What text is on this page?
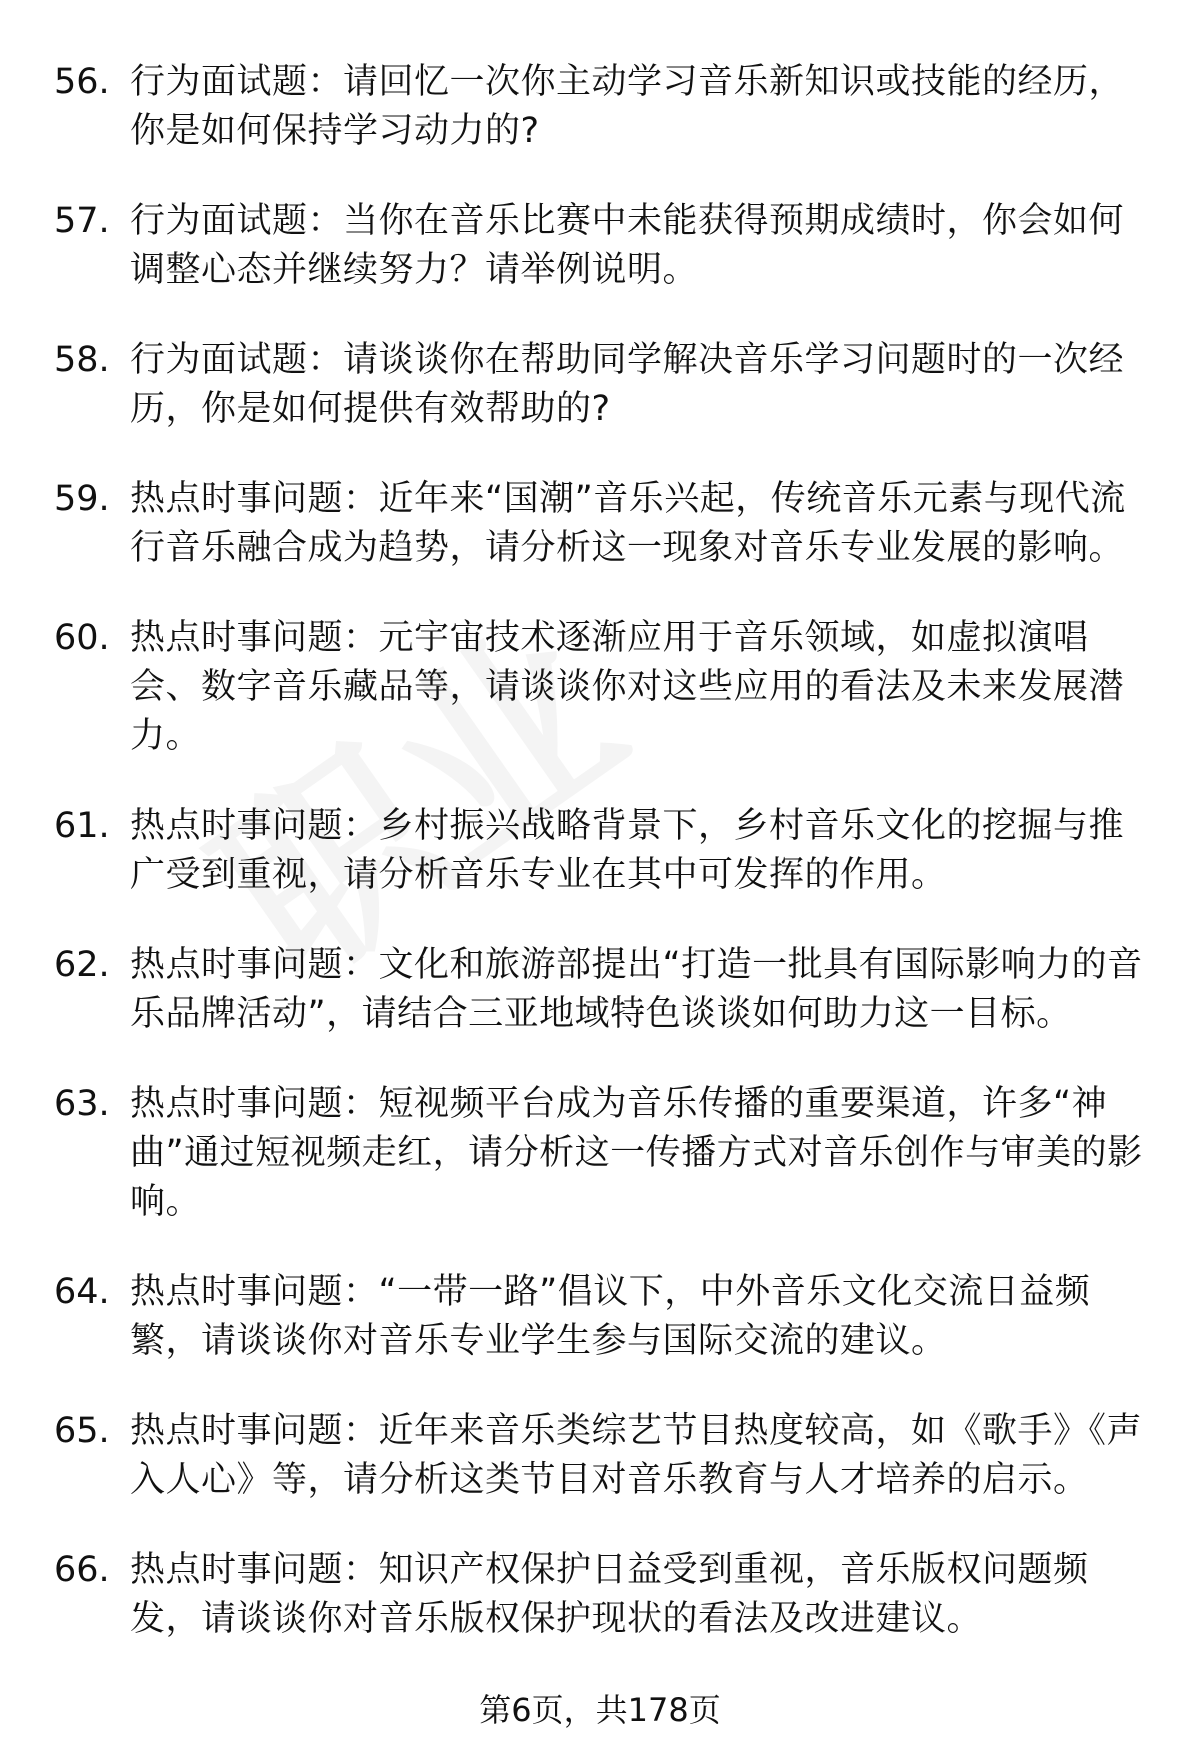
56. 行为面试题：请回忆一次你主动学习音乐新知识或技能的经历，你是如何保持学习动力的?
57. 行为面试题：当你在音乐比赛中未能获得预期成绩时，你会如何调整心态并继续努力？请举例说明。
58. 行为面试题：请谈谈你在帮助同学解决音乐学习问题时的一次经历，你是如何提供有效帮助的?
59. 热点时事问题：近年来“国潮”音乐兴起，传统音乐元素与现代流行音乐融合成为趋势，请分析这一现象对音乐专业发展的影响。
60. 热点时事问题：元宇宙技术逐渐应用于音乐领域，如虚拟演唱会、数字音乐藏品等，请谈谈你对这些应用的看法及未来发展潜力。
61. 热点时事问题：乡村振兴战略背景下，乡村音乐文化的挖掘与推广受到重视，请分析音乐专业在其中可发挥的作用。
62. 热点时事问题：文化和旅游部提出“打造一批具有国际影响力的音乐品牌活动”，请结合三亚地域特色谈谈如何助力这一目标。
63. 热点时事问题：短视频平台成为音乐传播的重要渠道，许多“神曲”通过短视频走红，请分析这一传播方式对音乐创作与审美的影响。
64. 热点时事问题：“一带一路”倡议下，中外音乐文化交流日益频繁，请谈谈你对音乐专业学生参与国际交流的建议。
65. 热点时事问题：近年来音乐类综艺节目热度较高，如《歌手》《声入人心》等，请分析这类节目对音乐教育与人才培养的启示。
66. 热点时事问题：知识产权保护日益受到重视，音乐版权问题频发，请谈谈你对音乐版权保护现状的看法及改进建议。
第6页，共178页
